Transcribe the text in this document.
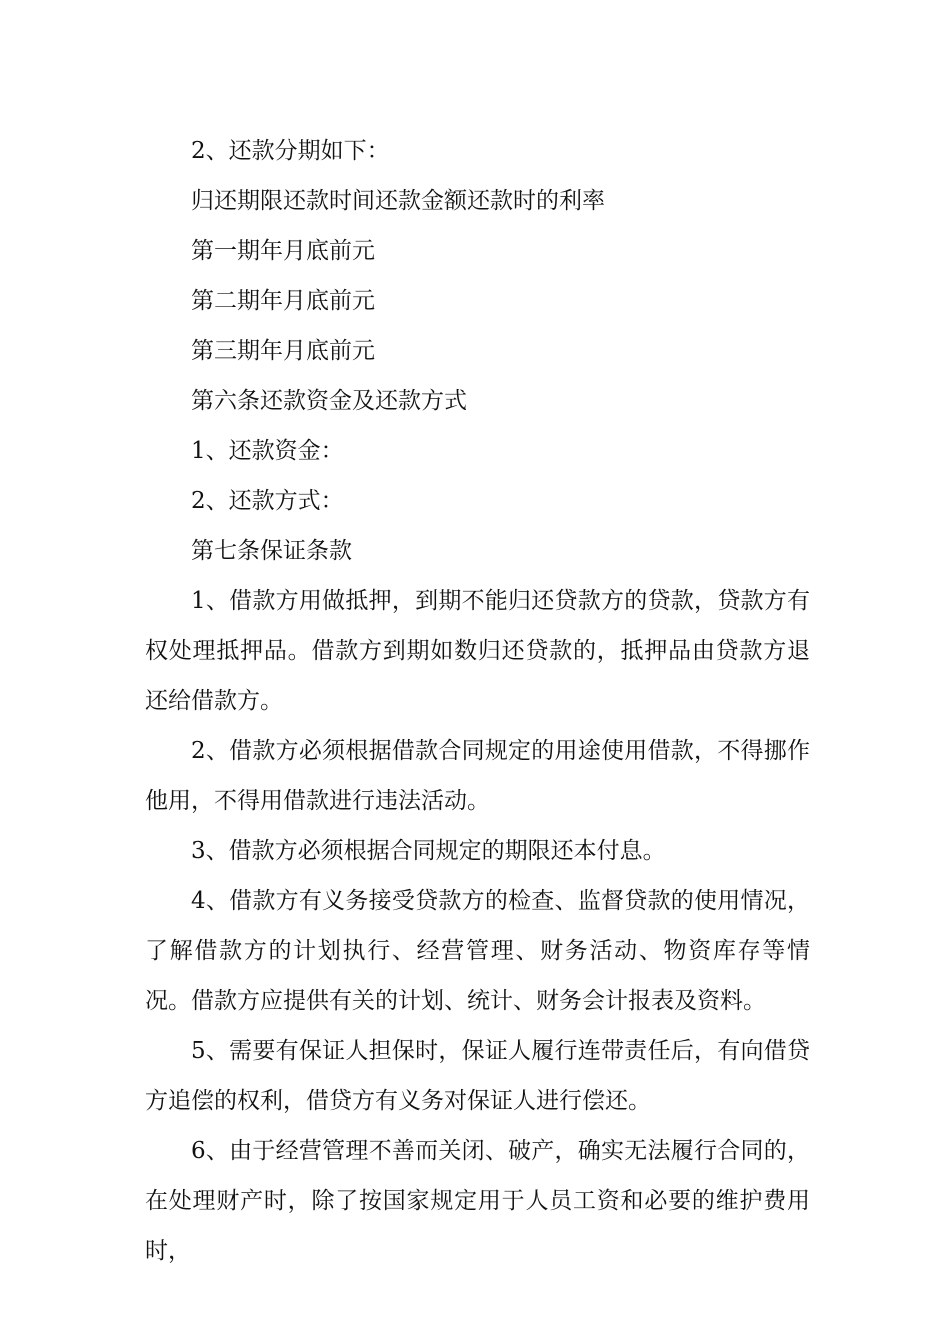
2、还款分期如下：

归还期限还款时间还款金额还款时的利率

第一期年月底前元

第二期年月底前元

第三期年月底前元

第六条还款资金及还款方式

1、还款资金：

2、还款方式：

第七条保证条款

1、借款方用做抵押，到期不能归还贷款方的贷款，贷款方有权处理抵押品。借款方到期如数归还贷款的，抵押品由贷款方退还给借款方。

2、借款方必须根据借款合同规定的用途使用借款，不得挪作他用，不得用借款进行违法活动。

3、借款方必须根据合同规定的期限还本付息。

4、借款方有义务接受贷款方的检查、监督贷款的使用情况，了解借款方的计划执行、经营管理、财务活动、物资库存等情况。借款方应提供有关的计划、统计、财务会计报表及资料。

5、需要有保证人担保时，保证人履行连带责任后，有向借贷方追偿的权利，借贷方有义务对保证人进行偿还。

6、由于经营管理不善而关闭、破产，确实无法履行合同的，在处理财产时，除了按国家规定用于人员工资和必要的维护费用时，
